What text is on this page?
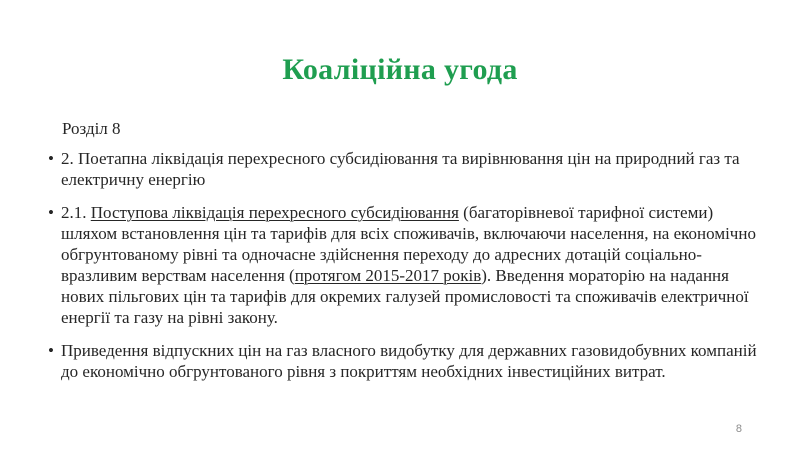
Коаліційна угода
Розділ 8
• 2. Поетапна ліквідація перехресного субсидіювання та вирівнювання цін на природний газ та електричну енергію
• 2.1. Поступова ліквідація перехресного субсидіювання (багаторівневої тарифної системи) шляхом встановлення цін та тарифів для всіх споживачів, включаючи населення, на економічно обгрунтованому рівні та одночасне здійснення переходу до адресних дотацій соціально-вразливим верствам населення (протягом 2015-2017 років). Введення мораторію на надання нових пільгових цін та тарифів для окремих галузей промисловості та споживачів електричної енергії та газу на рівні закону.
• Приведення відпускних цін на газ власного видобутку для державних газовидобувних компаній до економічно обгрунтованого рівня з покриттям необхідних інвестиційних витрат.
8
